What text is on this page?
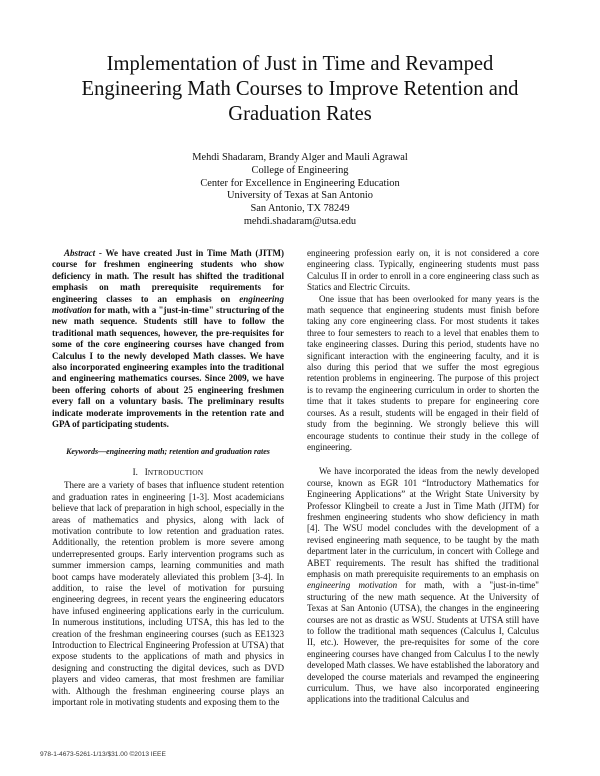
Implementation of Just in Time and Revamped Engineering Math Courses to Improve Retention and Graduation Rates
Mehdi Shadaram, Brandy Alger and Mauli Agrawal
College of Engineering
Center for Excellence in Engineering Education
University of Texas at San Antonio
San Antonio, TX 78249
mehdi.shadaram@utsa.edu

Abstract - We have created Just in Time Math (JITM) course for freshmen engineering students who show deficiency in math. The result has shifted the traditional emphasis on math prerequisite requirements for engineering classes to an emphasis on engineering motivation for math, with a "just-in-time" structuring of the new math sequence. Students still have to follow the traditional math sequences, however, the pre-requisites for some of the core engineering courses have changed from Calculus I to the newly developed Math classes. We have also incorporated engineering examples into the traditional and engineering mathematics courses. Since 2009, we have been offering cohorts of about 25 engineering freshmen every fall on a voluntary basis. The preliminary results indicate moderate improvements in the retention rate and GPA of participating students.

Keywords—engineering math; retention and graduation rates

I. INTRODUCTION

There are a variety of bases that influence student retention and graduation rates in engineering [1-3]. Most academicians believe that lack of preparation in high school, especially in the areas of mathematics and physics, along with lack of motivation contribute to low retention and graduation rates. Additionally, the retention problem is more severe among underrepresented groups. Early intervention programs such as summer immersion camps, learning communities and math boot camps have moderately alleviated this problem [3-4]. In addition, to raise the level of motivation for pursuing engineering degrees, in recent years the engineering educators have infused engineering applications early in the curriculum. In numerous institutions, including UTSA, this has led to the creation of the freshman engineering courses (such as EE1323 Introduction to Electrical Engineering Profession at UTSA) that expose students to the applications of math and physics in designing and constructing the digital devices, such as DVD players and video cameras, that most freshmen are familiar with. Although the freshman engineering course plays an important role in motivating students and exposing them to the

engineering profession early on, it is not considered a core engineering class. Typically, engineering students must pass Calculus II in order to enroll in a core engineering class such as Statics and Electric Circuits.

One issue that has been overlooked for many years is the math sequence that engineering students must finish before taking any core engineering class. For most students it takes three to four semesters to reach to a level that enables them to take engineering classes. During this period, students have no significant interaction with the engineering faculty, and it is also during this period that we suffer the most egregious retention problems in engineering. The purpose of this project is to revamp the engineering curriculum in order to shorten the time that it takes students to prepare for engineering core courses. As a result, students will be engaged in their field of study from the beginning. We strongly believe this will encourage students to continue their study in the college of engineering.

We have incorporated the ideas from the newly developed course, known as EGR 101 “Introductory Mathematics for Engineering Applications” at the Wright State University by Professor Klingbeil to create a Just in Time Math (JITM) for freshmen engineering students who show deficiency in math [4]. The WSU model concludes with the development of a revised engineering math sequence, to be taught by the math department later in the curriculum, in concert with College and ABET requirements. The result has shifted the traditional emphasis on math prerequisite requirements to an emphasis on engineering motivation for math, with a "just-in-time" structuring of the new math sequence. At the University of Texas at San Antonio (UTSA), the changes in the engineering courses are not as drastic as WSU. Students at UTSA still have to follow the traditional math sequences (Calculus I, Calculus II, etc.). However, the pre-requisites for some of the core engineering courses have changed from Calculus I to the newly developed Math classes. We have established the laboratory and developed the course materials and revamped the engineering curriculum. Thus, we have also incorporated engineering applications into the traditional Calculus and

978-1-4673-5261-1/13/$31.00 ©2013 IEEE
